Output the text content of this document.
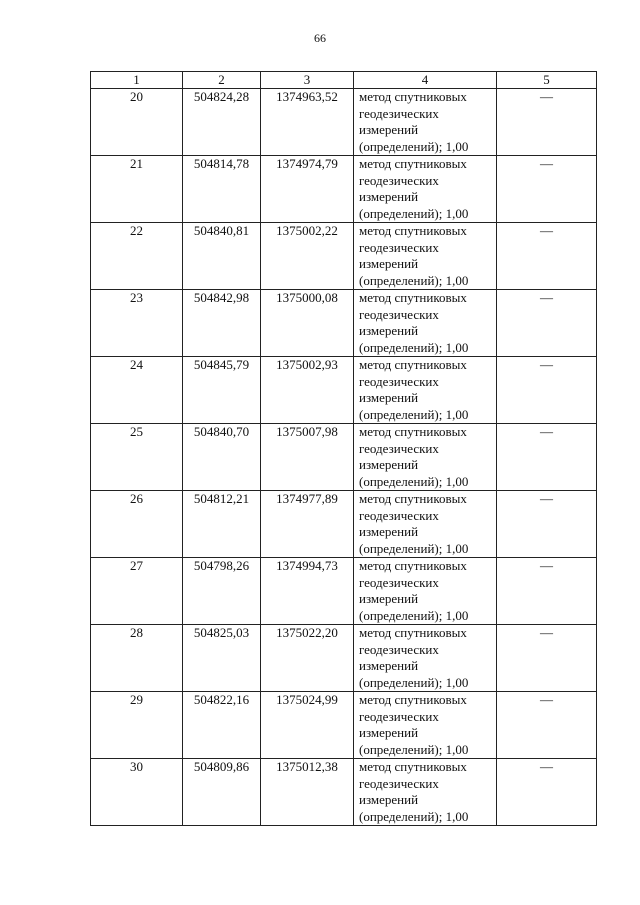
66
1	2	3	4	5
20	504824,28	1374963,52	метод спутниковых
геодезических
измерений
(определений); 1,00	—
21	504814,78	1374974,79	метод спутниковых
геодезических
измерений
(определений); 1,00	—
22	504840,81	1375002,22	метод спутниковых
геодезических
измерений
(определений); 1,00	—
23	504842,98	1375000,08	метод спутниковых
геодезических
измерений
(определений); 1,00	—
24	504845,79	1375002,93	метод спутниковых
геодезических
измерений
(определений); 1,00	—
25	504840,70	1375007,98	метод спутниковых
геодезических
измерений
(определений); 1,00	—
26	504812,21	1374977,89	метод спутниковых
геодезических
измерений
(определений); 1,00	—
27	504798,26	1374994,73	метод спутниковых
геодезических
измерений
(определений); 1,00	—
28	504825,03	1375022,20	метод спутниковых
геодезических
измерений
(определений); 1,00	—
29	504822,16	1375024,99	метод спутниковых
геодезических
измерений
(определений); 1,00	—
30	504809,86	1375012,38	метод спутниковых
геодезических
измерений
(определений); 1,00	—
